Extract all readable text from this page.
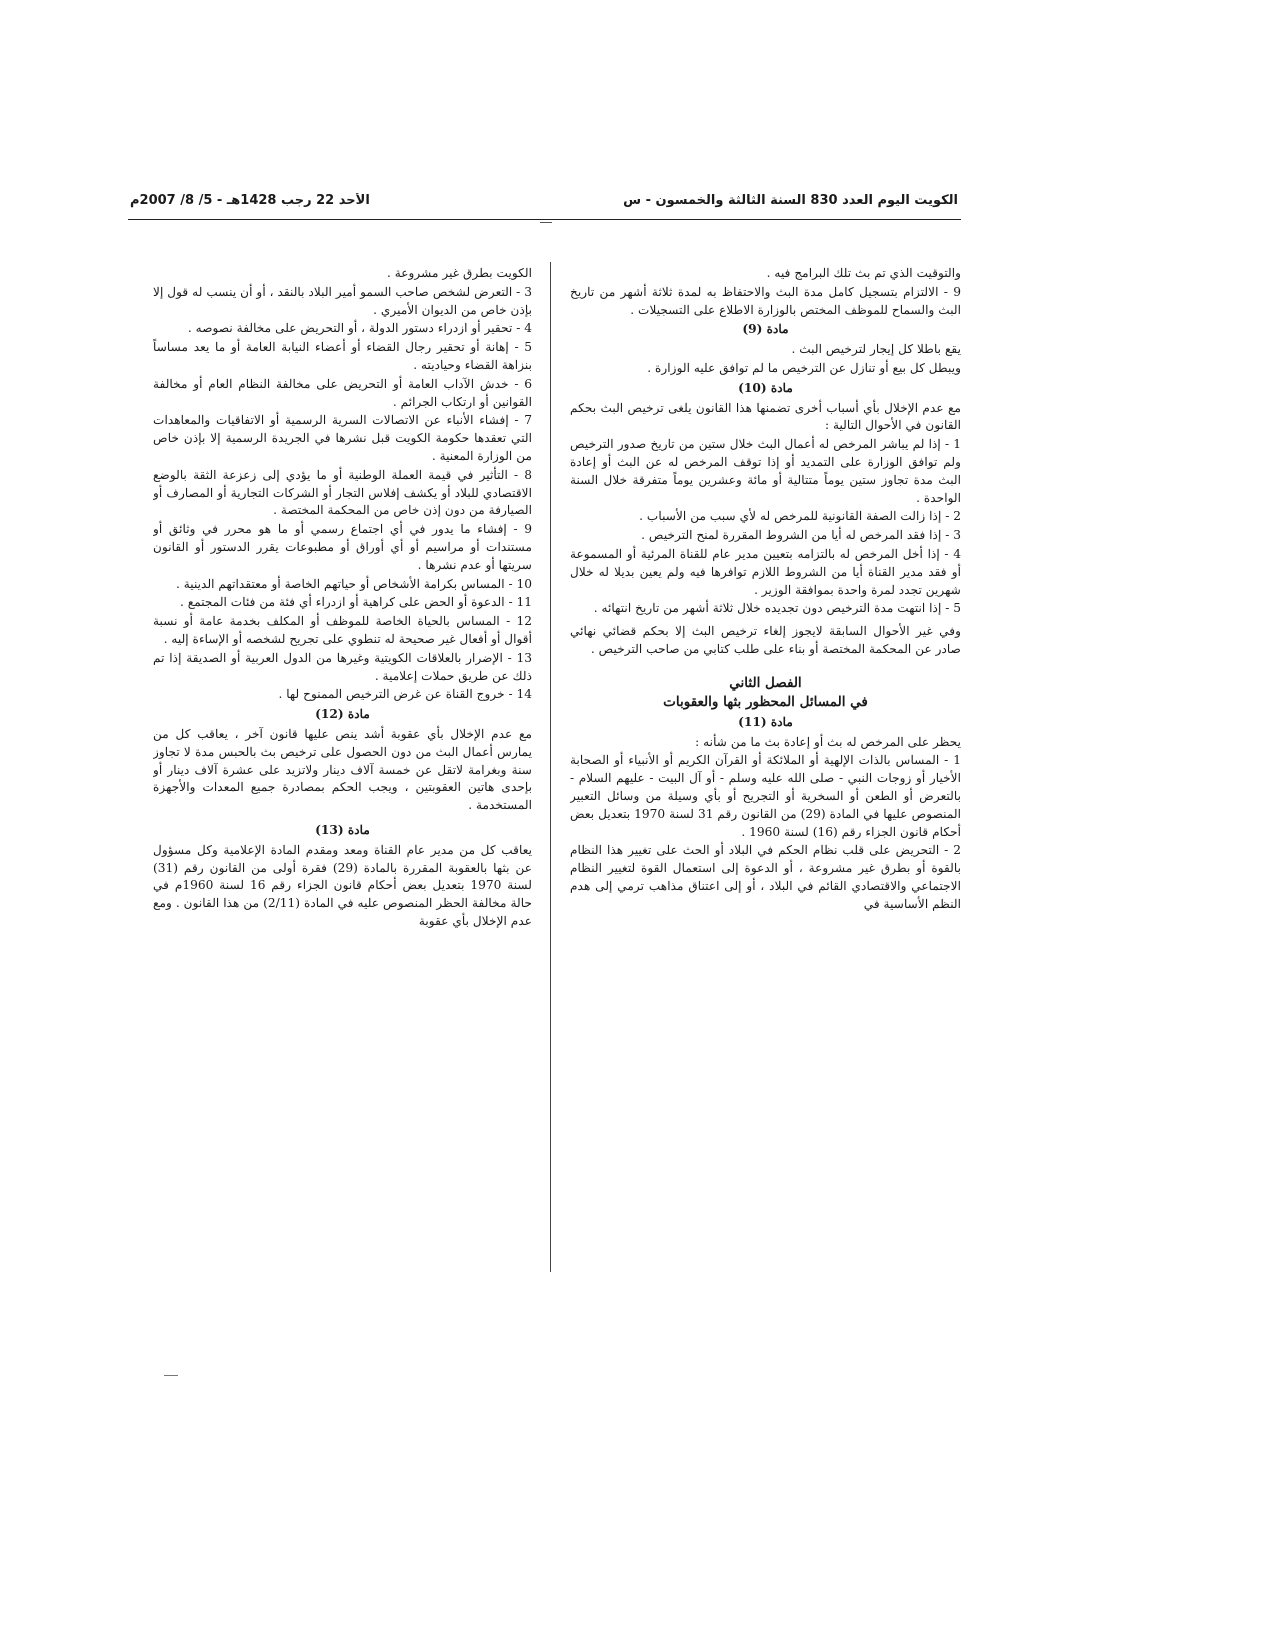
الكويت اليوم العدد 830 السنة الثالثة والخمسون - س
الأحد 22 رجب 1428هـ - 5/ 8/ 2007م

والتوقيت الذي تم بث تلك البرامج فيه .

9 - الالتزام بتسجيل كامل مدة البث والاحتفاظ به لمدة ثلاثة أشهر من تاريخ البث والسماح للموظف المختص بالوزارة الاطلاع على التسجيلات .

مادة (9)

يقع باطلا كل إيجار لترخيص البث .

ويبطل كل بيع أو تنازل عن الترخيص ما لم توافق عليه الوزارة .

مادة (10)

مع عدم الإخلال بأي أسباب أخرى تضمنها هذا القانون يلغى ترخيص البث بحكم القانون في الأحوال التالية :

1 - إذا لم يباشر المرخص له أعمال البث خلال ستين من تاريخ صدور الترخيص ولم توافق الوزارة على التمديد أو إذا توقف المرخص له عن البث أو إعادة البث مدة تجاوز ستين يوماً متتالية أو مائة وعشرين يوماً متفرقة خلال السنة الواحدة .

2 - إذا زالت الصفة القانونية للمرخص له لأي سبب من الأسباب .

3 - إذا فقد المرخص له أيا من الشروط المقررة لمنح الترخيص .

4 - إذا أخل المرخص له بالتزامه بتعيين مدير عام للقناة المرئية أو المسموعة أو فقد مدير القناة أيا من الشروط اللازم توافرها فيه ولم يعين بديلا له خلال شهرين تجدد لمرة واحدة بموافقة الوزير .

5 - إذا انتهت مدة الترخيص دون تجديده خلال ثلاثة أشهر من تاريخ انتهائه .

وفي غير الأحوال السابقة لايجوز إلغاء ترخيص البث إلا بحكم قضائي نهائي صادر عن المحكمة المختصة أو بناء على طلب كتابي من صاحب الترخيص .

الفصل الثاني
في المسائل المحظور بثها والعقوبات
مادة (11)

يحظر على المرخص له بث أو إعادة بث ما من شأنه :

1 - المساس بالذات الإلهية أو الملائكة أو القرآن الكريم أو الأنبياء أو الصحابة الأخيار أو زوجات النبي - صلى الله عليه وسلم - أو آل البيت - عليهم السلام - بالتعرض أو الطعن أو السخرية أو التجريح أو بأي وسيلة من وسائل التعبير المنصوص عليها في المادة (29) من القانون رقم 31 لسنة 1970 بتعديل بعض أحكام قانون الجزاء رقم (16) لسنة 1960 .

2 - التحريض على قلب نظام الحكم في البلاد أو الحث على تغيير هذا النظام بالقوة أو بطرق غير مشروعة ، أو الدعوة إلى استعمال القوة لتغيير النظام الاجتماعي والاقتصادي القائم في البلاد ، أو إلى اعتناق مذاهب ترمي إلى هدم النظم الأساسية في

الكويت بطرق غير مشروعة .

3 - التعرض لشخص صاحب السمو أمير البلاد بالنقد ، أو أن ينسب له قول إلا بإذن خاص من الديوان الأميري .

4 - تحقير أو ازدراء دستور الدولة ، أو التحريض على مخالفة نصوصه .

5 - إهانة أو تحقير رجال القضاء أو أعضاء النيابة العامة أو ما يعد مساساً بنزاهة القضاء وحياديته .

6 - خدش الآداب العامة أو التحريض على مخالفة النظام العام أو مخالفة القوانين أو ارتكاب الجرائم .

7 - إفشاء الأنباء عن الاتصالات السرية الرسمية أو الاتفاقيات والمعاهدات التي تعقدها حكومة الكويت قبل نشرها في الجريدة الرسمية إلا بإذن خاص من الوزارة المعنية .

8 - التأثير في قيمة العملة الوطنية أو ما يؤدي إلى زعزعة الثقة بالوضع الاقتصادي للبلاد أو يكشف إفلاس التجار أو الشركات التجارية أو المصارف أو الصيارفة من دون إذن خاص من المحكمة المختصة .

9 - إفشاء ما يدور في أي اجتماع رسمي أو ما هو محرر في وثائق أو مستندات أو مراسيم أو أي أوراق أو مطبوعات يقرر الدستور أو القانون سريتها أو عدم نشرها .

10 - المساس بكرامة الأشخاص أو حياتهم الخاصة أو معتقداتهم الدينية .

11 - الدعوة أو الحض على كراهية أو ازدراء أي فئة من فئات المجتمع .

12 - المساس بالحياة الخاصة للموظف أو المكلف بخدمة عامة أو نسبة أقوال أو أفعال غير صحيحة له تنطوي على تجريح لشخصه أو الإساءة إليه .

13 - الإضرار بالعلاقات الكويتية وغيرها من الدول العربية أو الصديقة إذا تم ذلك عن طريق حملات إعلامية .

14 - خروج القناة عن غرض الترخيص الممنوح لها .

مادة (12)

مع عدم الإخلال بأي عقوبة أشد ينص عليها قانون آخر ، يعاقب كل من يمارس أعمال البث من دون الحصول على ترخيص بث بالحبس مدة لا تجاوز سنة وبغرامة لاتقل عن خمسة آلاف دينار ولاتزيد على عشرة آلاف دينار أو بإحدى هاتين العقوبتين ، ويجب الحكم بمصادرة جميع المعدات والأجهزة المستخدمة .

مادة (13)

يعاقب كل من مدير عام القناة ومعد ومقدم المادة الإعلامية وكل مسؤول عن بثها بالعقوبة المقررة بالمادة (29) فقرة أولى من القانون رقم (31) لسنة 1970 بتعديل بعض أحكام قانون الجزاء رقم 16 لسنة 1960م في حالة مخالفة الحظر المنصوص عليه في المادة (2/11) من هذا القانون . ومع عدم الإخلال بأي عقوبة
